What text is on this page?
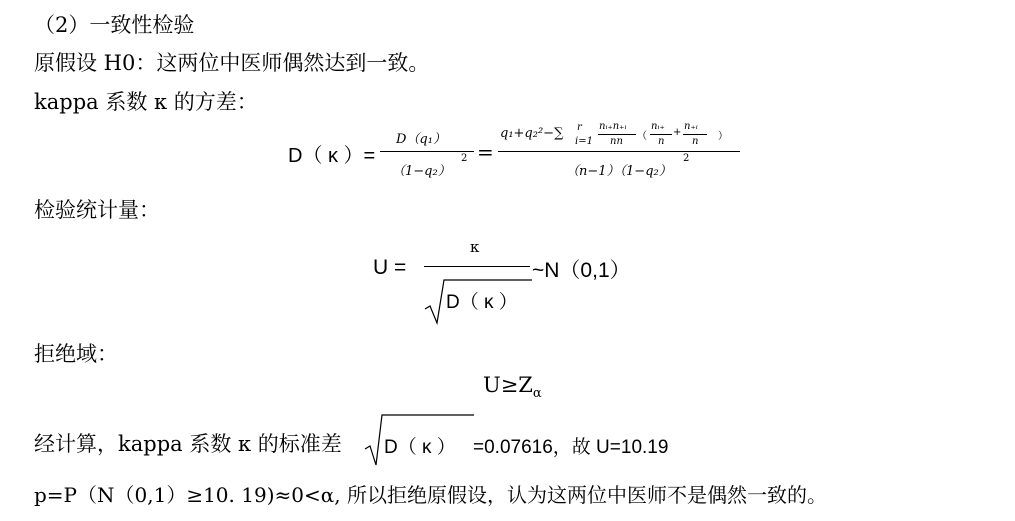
（2）一致性检验
原假设 H0：这两位中医师偶然达到一致。
kappa 系数 κ 的方差：
D（ κ ）=
D（q₁）
（1−q₂）
2 =
q₁+q₂²−∑ r
i=1
nᵢ₊n₊ᵢ
nn （
nᵢ₊
n
+
n₊ᵢ
n ）
（n−1）（1−q₂）
2
检验统计量：
U =
κ
D（ κ ）
~N（0,1）
拒绝域：
$U\ge Z_\alpha$
经计算，kappa 系数 κ 的标准差 D（ κ ） =0.07616，故 U=10.19
p=P（N（0,1）≥10. 19)≈0<α, 所以拒绝原假设，认为这两位中医师不是偶然一致的。
